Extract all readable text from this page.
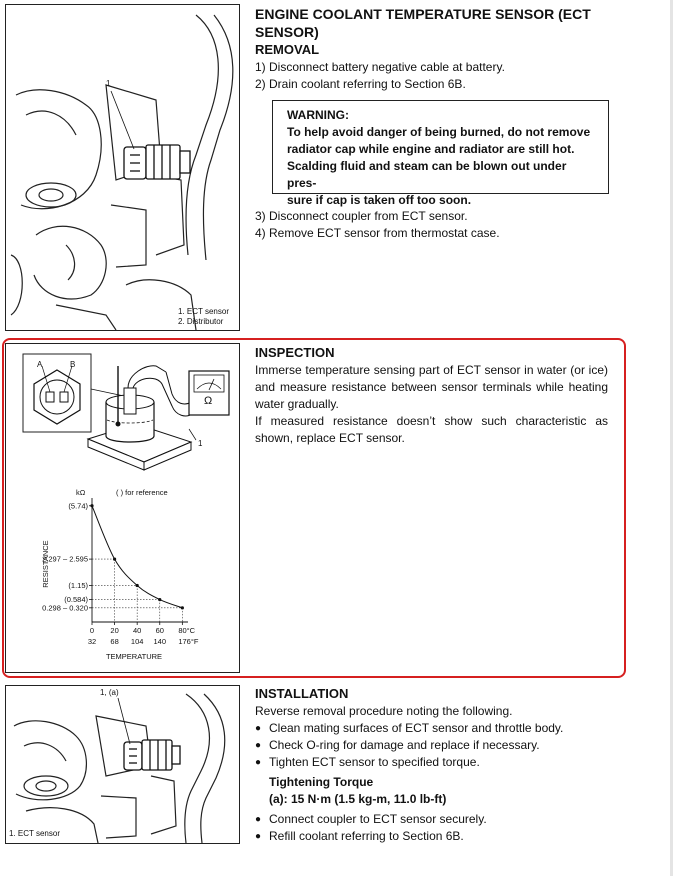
1
1. ECT sensor
2. Distributor
ENGINE COOLANT TEMPERATURE SENSOR (ECT
SENSOR)
REMOVAL

1) Disconnect battery negative cable at battery.

2) Drain coolant referring to Section 6B.

WARNING:
To help avoid danger of being burned, do not remove
radiator cap while engine and radiator are still hot.
Scalding fluid and steam can be blown out under pres-
sure if cap is taken off too soon.

3) Disconnect coupler from ECT sensor.

4) Remove ECT sensor from thermostat case.

A	B
Ω
1
(5.74)
2.297 – 2.595
(1.15)
(0.584)
0.298 – 0.320
0 20 40 60 80°C
32 68 104 140 176°F
kΩ	( ) for reference
RESISTANCE
TEMPERATURE
INSPECTION

Immerse temperature sensing part of ECT sensor in water (or ice) and measure resistance between sensor terminals while heating water gradually.

If measured resistance doesn’t show such characteristic as shown, replace ECT sensor.

1, (a)
1. ECT sensor
INSTALLATION

Reverse removal procedure noting the following.

● Clean mating surfaces of ECT sensor and throttle body.
● Check O-ring for damage and replace if necessary.
● Tighten ECT sensor to specified torque.
Tightening Torque
(a): 15 N·m (1.5 kg-m, 11.0 lb-ft)
● Connect coupler to ECT sensor securely.
● Refill coolant referring to Section 6B.
